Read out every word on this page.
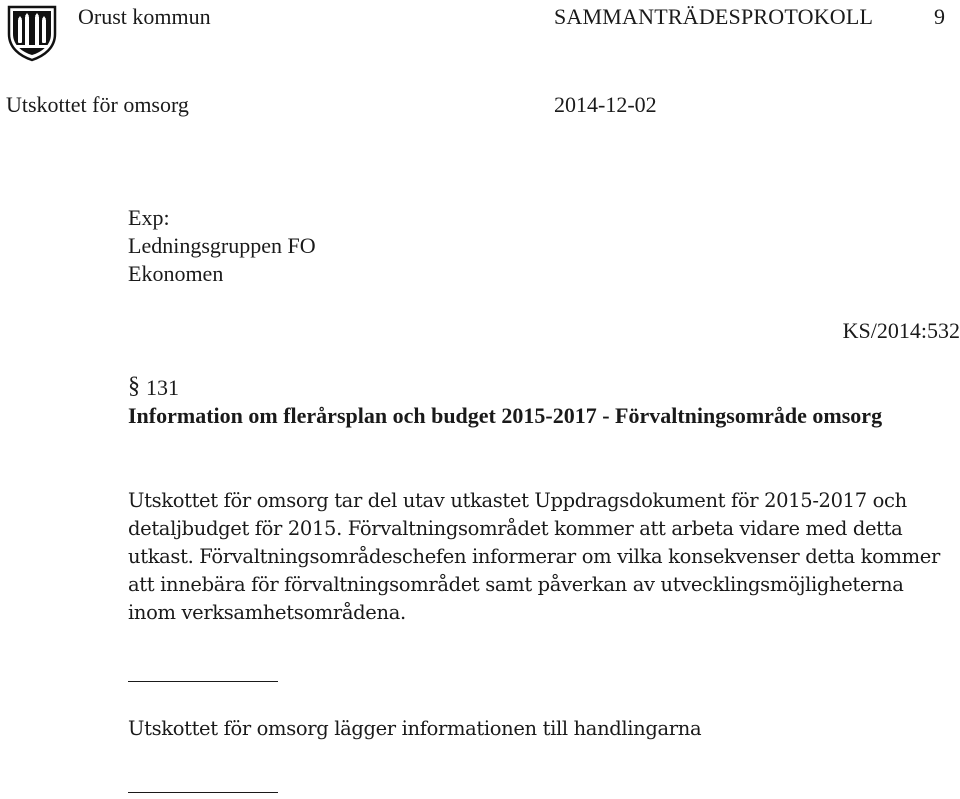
Orust kommun	SAMMANTRÄDESPROTOKOLL	9
Utskottet för omsorg	2014-12-02
Exp:
Ledningsgruppen FO
Ekonomen
KS/2014:532
§ 131
Information om flerårsplan och budget 2015-2017 - Förvaltningsområde omsorg
Utskottet för omsorg tar del utav utkastet Uppdragsdokument för 2015-2017 och
detaljbudget för 2015. Förvaltningsområdet kommer att arbeta vidare med detta
utkast. Förvaltningsområdeschefen informerar om vilka konsekvenser detta kommer
att innebära för förvaltningsområdet samt påverkan av utvecklingsmöjligheterna
inom verksamhetsområdena.
Utskottet för omsorg lägger informationen till handlingarna
